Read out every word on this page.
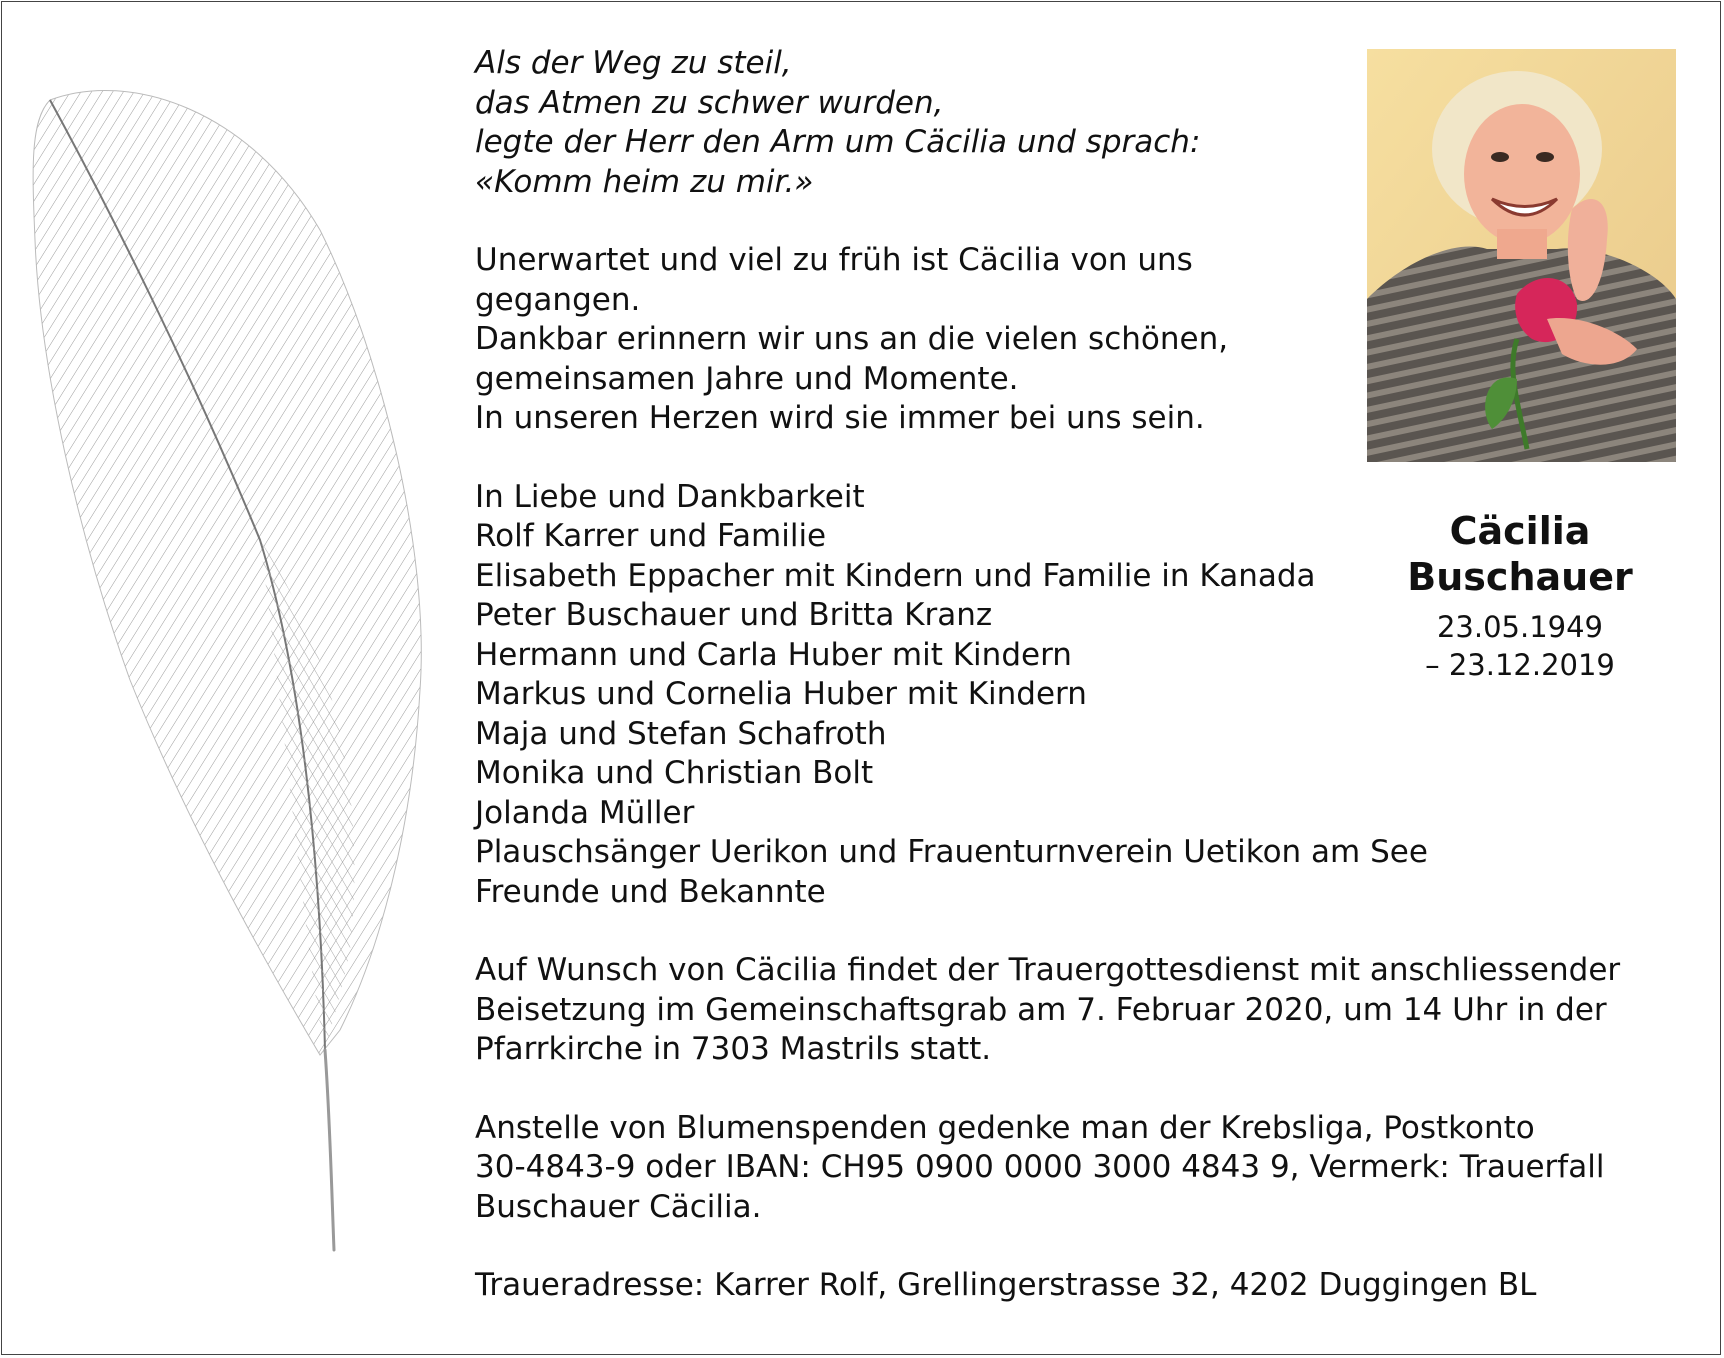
Als der Weg zu steil,
das Atmen zu schwer wurden,
legte der Herr den Arm um Cäcilia und sprach:
«Komm heim zu mir.»
Unerwartet und viel zu früh ist Cäcilia von uns
gegangen.
Dankbar erinnern wir uns an die vielen schönen,
gemeinsamen Jahre und Momente.
In unseren Herzen wird sie immer bei uns sein.
In Liebe und Dankbarkeit
Rolf Karrer und Familie
Elisabeth Eppacher mit Kindern und Familie in Kanada
Peter Buschauer und Britta Kranz
Hermann und Carla Huber mit Kindern
Markus und Cornelia Huber mit Kindern
Maja und Stefan Schafroth
Monika und Christian Bolt
Jolanda Müller
Plauschsänger Uerikon und Frauenturnverein Uetikon am See
Freunde und Bekannte
Auf Wunsch von Cäcilia findet der Trauergottesdienst mit anschliessender
Beisetzung im Gemeinschaftsgrab am 7. Februar 2020, um 14 Uhr in der
Pfarrkirche in 7303 Mastrils statt.
Anstelle von Blumenspenden gedenke man der Krebsliga, Postkonto
30-4843-9 oder IBAN: CH95 0900 0000 3000 4843 9, Vermerk: Trauerfall
Buschauer Cäcilia.
Traueradresse: Karrer Rolf, Grellingerstrasse 32, 4202 Duggingen BL
Cäcilia
Buschauer
23.05.1949
– 23.12.2019
